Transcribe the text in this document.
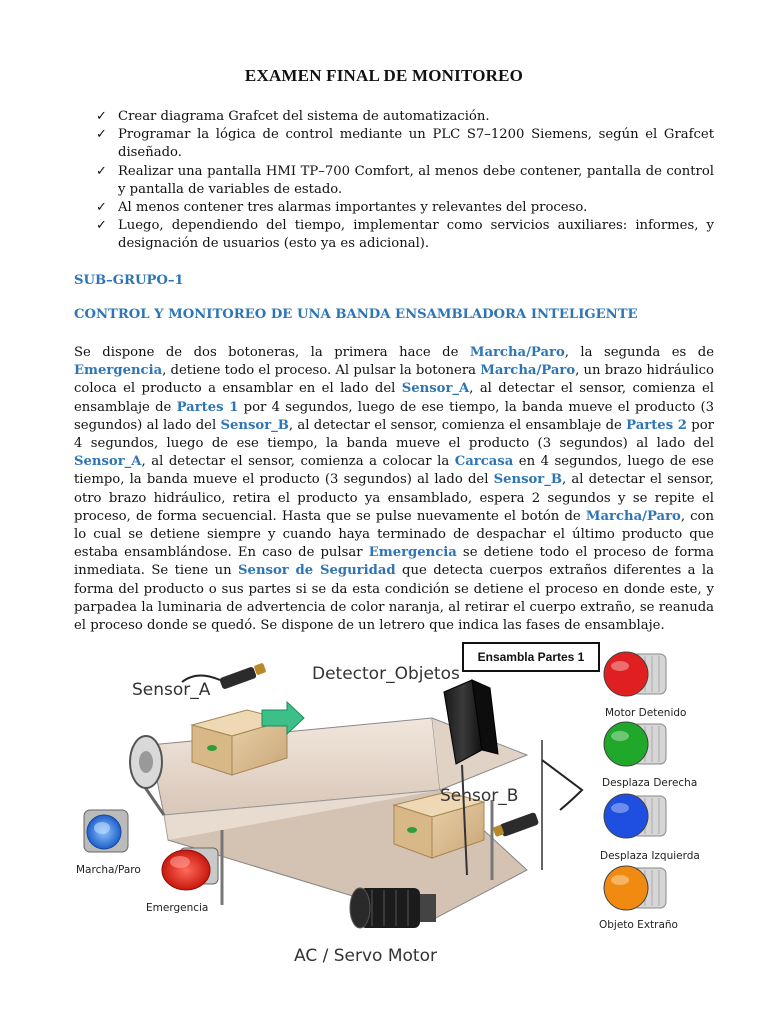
EXAMEN FINAL DE MONITOREO
✓ Crear diagrama Grafcet del sistema de automatización.
✓ Programar la lógica de control mediante un PLC S7–1200 Siemens, según el Grafcet diseñado.
✓ Realizar una pantalla HMI TP–700 Comfort, al menos debe contener, pantalla de control y pantalla de variables de estado.
✓ Al menos contener tres alarmas importantes y relevantes del proceso.
✓ Luego, dependiendo del tiempo, implementar como servicios auxiliares: informes, y designación de usuarios (esto ya es adicional).
SUB–GRUPO–1
CONTROL Y MONITOREO DE UNA BANDA ENSAMBLADORA INTELIGENTE
Se dispone de dos botoneras, la primera hace de Marcha/Paro, la segunda es de Emergencia, detiene todo el proceso. Al pulsar la botonera Marcha/Paro, un brazo hidráulico coloca el producto a ensamblar en el lado del Sensor_A, al detectar el sensor, comienza el ensamblaje de Partes 1 por 4 segundos, luego de ese tiempo, la banda mueve el producto (3 segundos) al lado del Sensor_B, al detectar el sensor, comienza el ensamblaje de Partes 2 por 4 segundos, luego de ese tiempo, la banda mueve el producto (3 segundos) al lado del Sensor_A, al detectar el sensor, comienza a colocar la Carcasa en 4 segundos, luego de ese tiempo, la banda mueve el producto (3 segundos) al lado del Sensor_B, al detectar el sensor, otro brazo hidráulico, retira el producto ya ensamblado, espera 2 segundos y se repite el proceso, de forma secuencial. Hasta que se pulse nuevamente el botón de Marcha/Paro, con lo cual se detiene siempre y cuando haya terminado de despachar el último producto que estaba ensamblándose. En caso de pulsar Emergencia se detiene todo el proceso de forma inmediata. Se tiene un Sensor de Seguridad que detecta cuerpos extraños diferentes a la forma del producto o sus partes si se da esta condición se detiene el proceso en donde este, y parpadea la luminaria de advertencia de color naranja, al retirar el cuerpo extraño, se reanuda el proceso donde se quedó. Se dispone de un letrero que indica las fases de ensamblaje.
Sensor_A
Detector_Objetos
Sensor_B
Ensambla Partes 1
Marcha/Paro
Emergencia
AC / Servo Motor
Motor Detenido
Desplaza Derecha
Desplaza Izquierda
Objeto Extraño
